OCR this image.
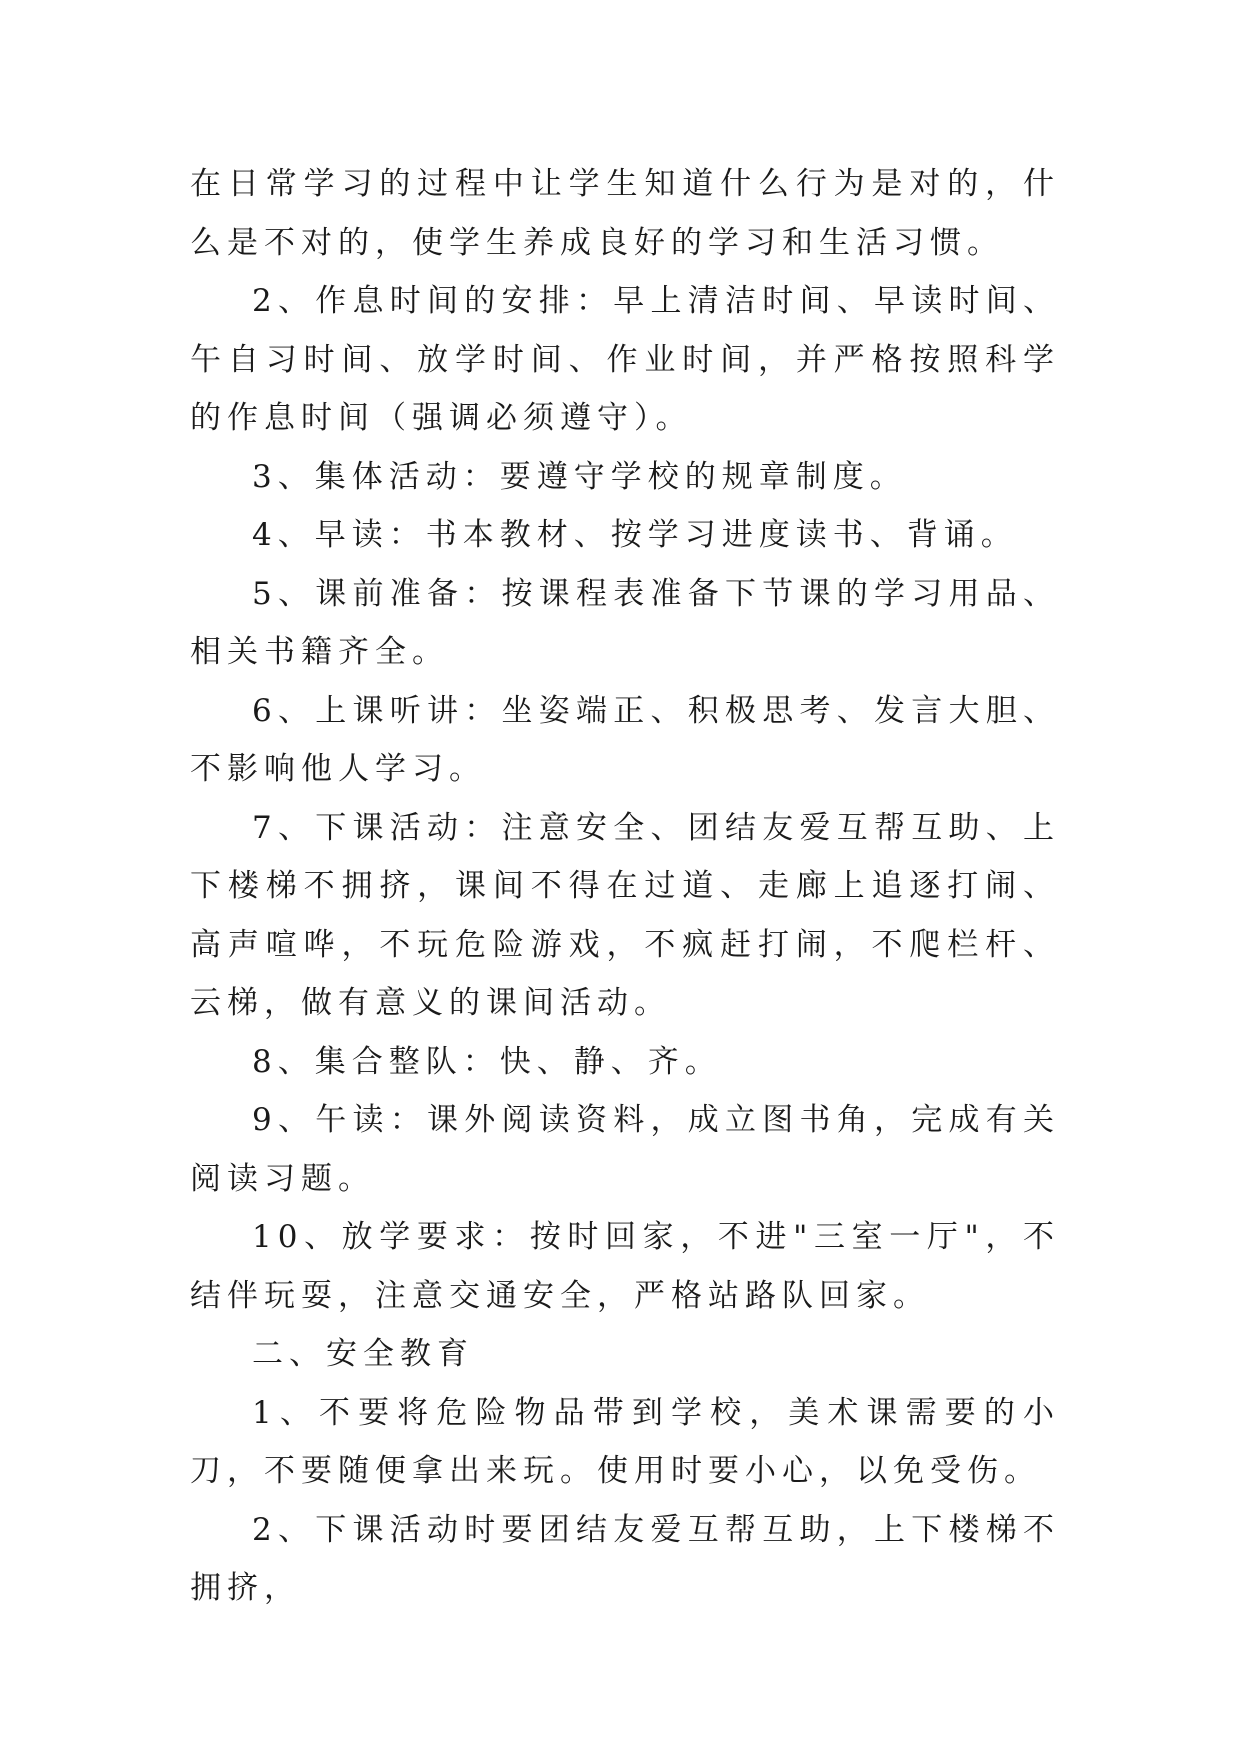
在日常学习的过程中让学生知道什么行为是对的，什么是不对的，使学生养成良好的学习和生活习惯。

2、作息时间的安排：早上清洁时间、早读时间、午自习时间、放学时间、作业时间，并严格按照科学的作息时间（强调必须遵守）。

3、集体活动：要遵守学校的规章制度。

4、早读：书本教材、按学习进度读书、背诵。

5、课前准备：按课程表准备下节课的学习用品、相关书籍齐全。

6、上课听讲：坐姿端正、积极思考、发言大胆、不影响他人学习。

7、下课活动：注意安全、团结友爱互帮互助、上下楼梯不拥挤，课间不得在过道、走廊上追逐打闹、高声喧哗，不玩危险游戏，不疯赶打闹，不爬栏杆、云梯，做有意义的课间活动。

8、集合整队：快、静、齐。

9、午读：课外阅读资料，成立图书角，完成有关阅读习题。

10、放学要求：按时回家，不进"三室一厅"，不结伴玩耍，注意交通安全，严格站路队回家。

二、安全教育

1、不要将危险物品带到学校，美术课需要的小刀，不要随便拿出来玩。使用时要小心，以免受伤。

2、下课活动时要团结友爱互帮互助，上下楼梯不拥挤，
